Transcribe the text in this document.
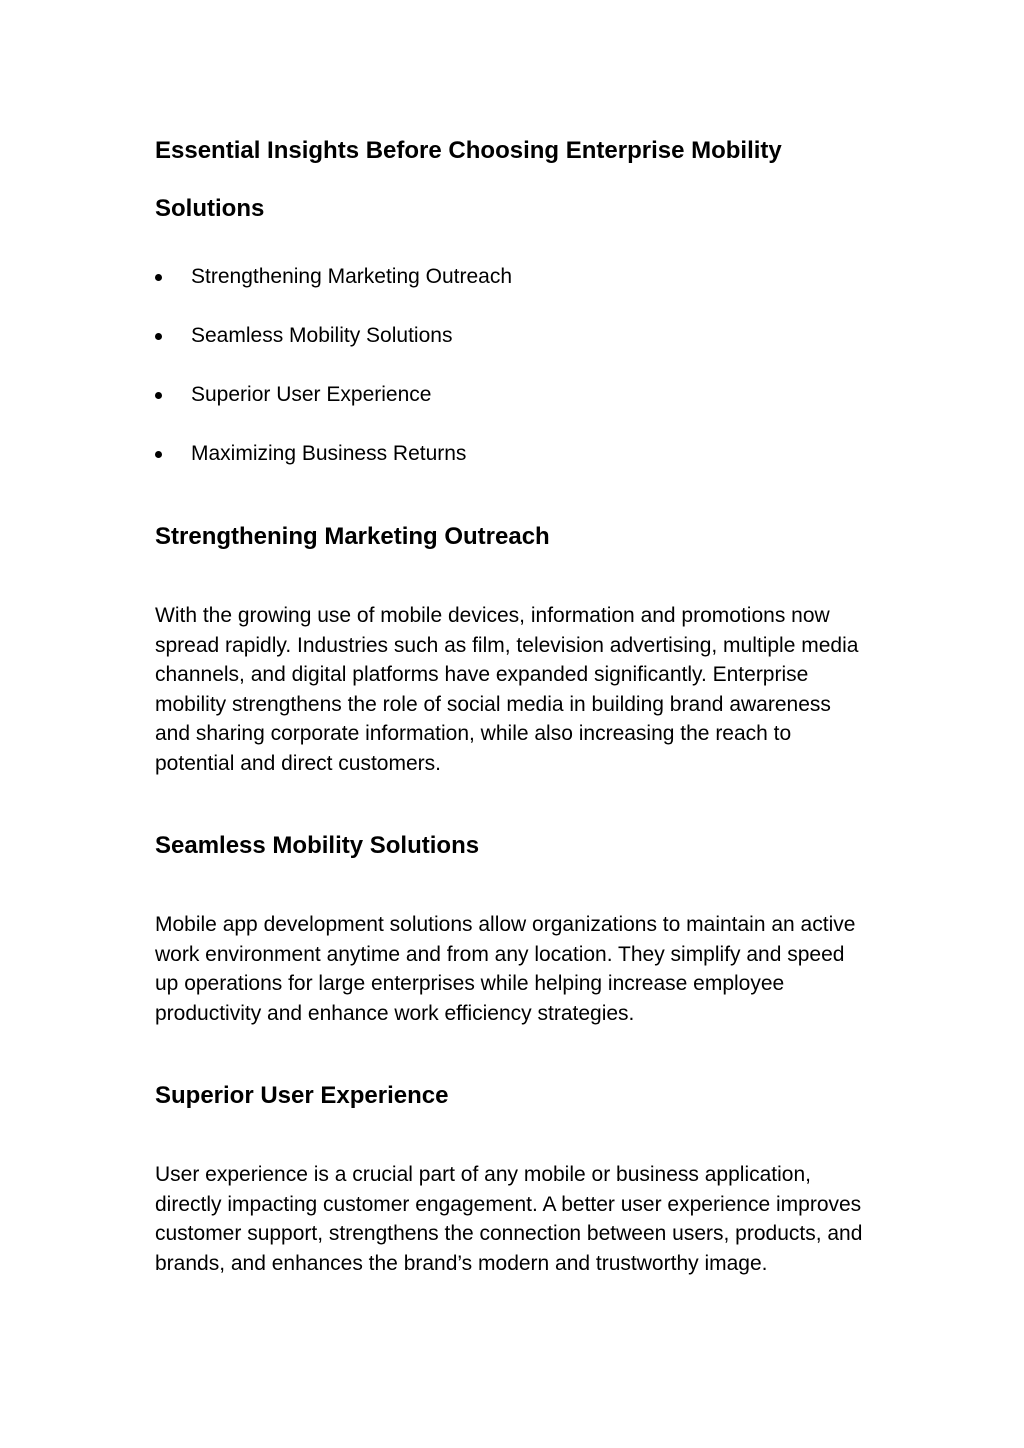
Essential Insights Before Choosing Enterprise Mobility Solutions
Strengthening Marketing Outreach
Seamless Mobility Solutions
Superior User Experience
Maximizing Business Returns
Strengthening Marketing Outreach

With the growing use of mobile devices, information and promotions now spread rapidly. Industries such as film, television advertising, multiple media channels, and digital platforms have expanded significantly. Enterprise mobility strengthens the role of social media in building brand awareness and sharing corporate information, while also increasing the reach to potential and direct customers.

Seamless Mobility Solutions

Mobile app development solutions allow organizations to maintain an active work environment anytime and from any location. They simplify and speed up operations for large enterprises while helping increase employee productivity and enhance work efficiency strategies.

Superior User Experience

User experience is a crucial part of any mobile or business application, directly impacting customer engagement. A better user experience improves customer support, strengthens the connection between users, products, and brands, and enhances the brand’s modern and trustworthy image.
